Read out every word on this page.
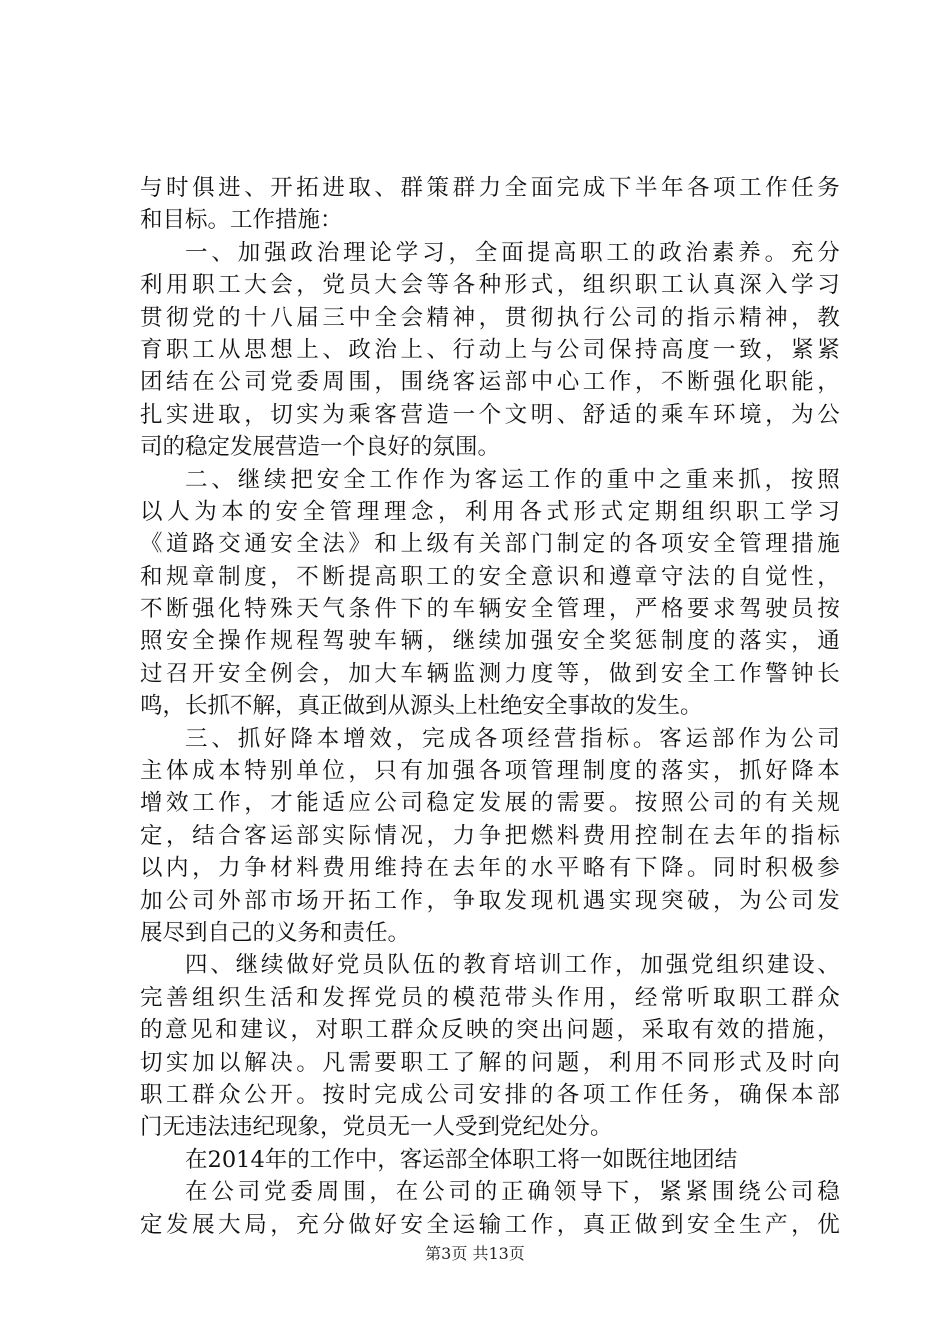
与 时 俱 进 、 开 拓 进 取 、 群 策 群 力 全 面 完 成 下 半 年 各 项 工 作 任 务
和目标。工作措施：
一 、 加 强 政 治 理 论 学 习 ， 全 面 提 高 职 工 的 政 治 素 养 。 充 分
利 用 职 工 大 会 ， 党 员 大 会 等 各 种 形 式 ， 组 织 职 工 认 真 深 入 学 习
贯 彻 党 的 十 八 届 三 中 全 会 精 神 ， 贯 彻 执 行 公 司 的 指 示 精 神 ， 教
育 职 工 从 思 想 上 、 政 治 上 、 行 动 上 与 公 司 保 持 高 度 一 致 ， 紧 紧
团 结 在 公 司 党 委 周 围 ， 围 绕 客 运 部 中 心 工 作 ， 不 断 强 化 职 能 ，
扎 实 进 取 ， 切 实 为 乘 客 营 造 一 个 文 明 、 舒 适 的 乘 车 环 境 ， 为 公
司的稳定发展营造一个良好的氛围。
二 、 继 续 把 安 全 工 作 作 为 客 运 工 作 的 重 中 之 重 来 抓 ， 按 照
以 人 为 本 的 安 全 管 理 理 念 ， 利 用 各 式 形 式 定 期 组 织 职 工 学 习
《 道 路 交 通 安 全 法 》 和 上 级 有 关 部 门 制 定 的 各 项 安 全 管 理 措 施
和 规 章 制 度 ， 不 断 提 高 职 工 的 安 全 意 识 和 遵 章 守 法 的 自 觉 性 ，
不 断 强 化 特 殊 天 气 条 件 下 的 车 辆 安 全 管 理 ， 严 格 要 求 驾 驶 员 按
照 安 全 操 作 规 程 驾 驶 车 辆 ， 继 续 加 强 安 全 奖 惩 制 度 的 落 实 ， 通
过 召 开 安 全 例 会 ， 加 大 车 辆 监 测 力 度 等 ， 做 到 安 全 工 作 警 钟 长
鸣，长抓不解，真正做到从源头上杜绝安全事故的发生。
三 、 抓 好 降 本 增 效 ， 完 成 各 项 经 营 指 标 。 客 运 部 作 为 公 司
主 体 成 本 特 别 单 位 ， 只 有 加 强 各 项 管 理 制 度 的 落 实 ， 抓 好 降 本
增 效 工 作 ， 才 能 适 应 公 司 稳 定 发 展 的 需 要 。 按 照 公 司 的 有 关 规
定 ， 结 合 客 运 部 实 际 情 况 ， 力 争 把 燃 料 费 用 控 制 在 去 年 的 指 标
以 内 ， 力 争 材 料 费 用 维 持 在 去 年 的 水 平 略 有 下 降 。 同 时 积 极 参
加 公 司 外 部 市 场 开 拓 工 作 ， 争 取 发 现 机 遇 实 现 突 破 ， 为 公 司 发
展尽到自己的义务和责任。
四 、 继 续 做 好 党 员 队 伍 的 教 育 培 训 工 作 ， 加 强 党 组 织 建 设 、
完 善 组 织 生 活 和 发 挥 党 员 的 模 范 带 头 作 用 ， 经 常 听 取 职 工 群 众
的 意 见 和 建 议 ， 对 职 工 群 众 反 映 的 突 出 问 题 ， 采 取 有 效 的 措 施 ，
切 实 加 以 解 决 。 凡 需 要 职 工 了 解 的 问 题 ， 利 用 不 同 形 式 及 时 向
职 工 群 众 公 开 。 按 时 完 成 公 司 安 排 的 各 项 工 作 任 务 ， 确 保 本 部
门无违法违纪现象，党员无一人受到党纪处分。
在2014年的工作中，客运部全体职工将一如既往地团结
在 公 司 党 委 周 围 ， 在 公 司 的 正 确 领 导 下 ， 紧 紧 围 绕 公 司 稳
定 发 展 大 局 ， 充 分 做 好 安 全 运 输 工 作 ， 真 正 做 到 安 全 生 产 ， 优
第3页 共13页
